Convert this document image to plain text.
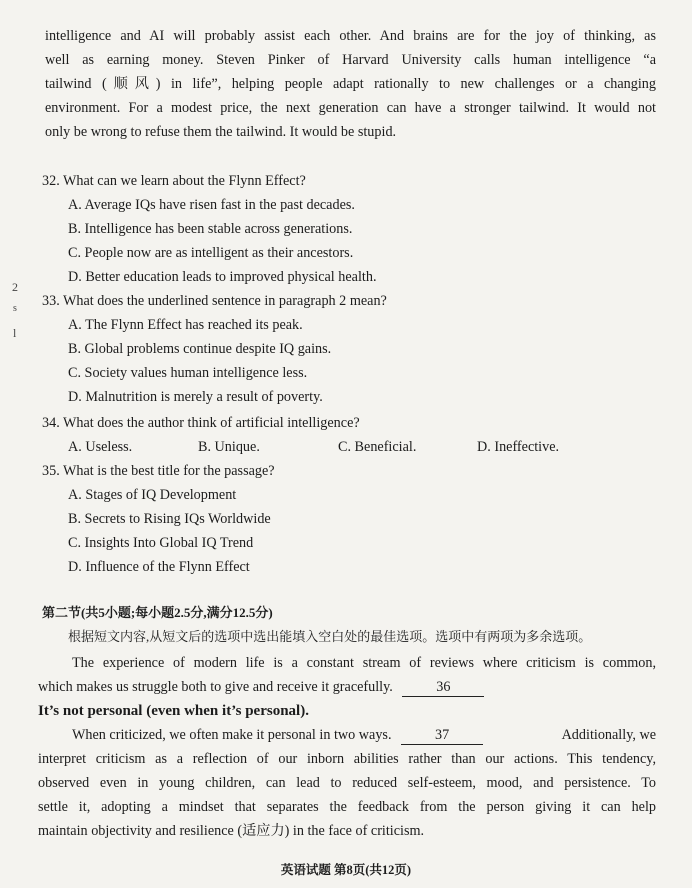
intelligence and AI will probably assist each other. And brains are for the joy of thinking, as
well as earning money. Steven Pinker of Harvard University calls human intelligence “a
tailwind (顺风) in life”, helping people adapt rationally to new challenges or a changing
environment. For a modest price, the next generation can have a stronger tailwind. It would not
only be wrong to refuse them the tailwind. It would be stupid.
2
s
l
32. What can we learn about the Flynn Effect?
A. Average IQs have risen fast in the past decades.
B. Intelligence has been stable across generations.
C. People now are as intelligent as their ancestors.
D. Better education leads to improved physical health.
33. What does the underlined sentence in paragraph 2 mean?
A. The Flynn Effect has reached its peak.
B. Global problems continue despite IQ gains.
C. Society values human intelligence less.
D. Malnutrition is merely a result of poverty.
34. What does the author think of artificial intelligence?
A. Useless.	B. Unique.	C. Beneficial.	D. Ineffective.
35. What is the best title for the passage?
A. Stages of IQ Development
B. Secrets to Rising IQs Worldwide
C. Insights Into Global IQ Trend
D. Influence of the Flynn Effect
第二节(共5小题;每小题2.5分,满分12.5分)
根据短文内容,从短文后的选项中选出能填入空白处的最佳选项。选项中有两项为多余选项。
The experience of modern life is a constant stream of reviews where criticism is common,
which makes us struggle both to give and receive it gracefully.	36
It’s not personal (even when it’s personal).
When criticized, we often make it personal in two ways.	37	Additionally, we
interpret criticism as a reflection of our inborn abilities rather than our actions. This tendency,
observed even in young children, can lead to reduced self-esteem, mood, and persistence. To
settle it, adopting a mindset that separates the feedback from the person giving it can help
maintain objectivity and resilience (适应力) in the face of criticism.
英语试题 第8页(共12页)
